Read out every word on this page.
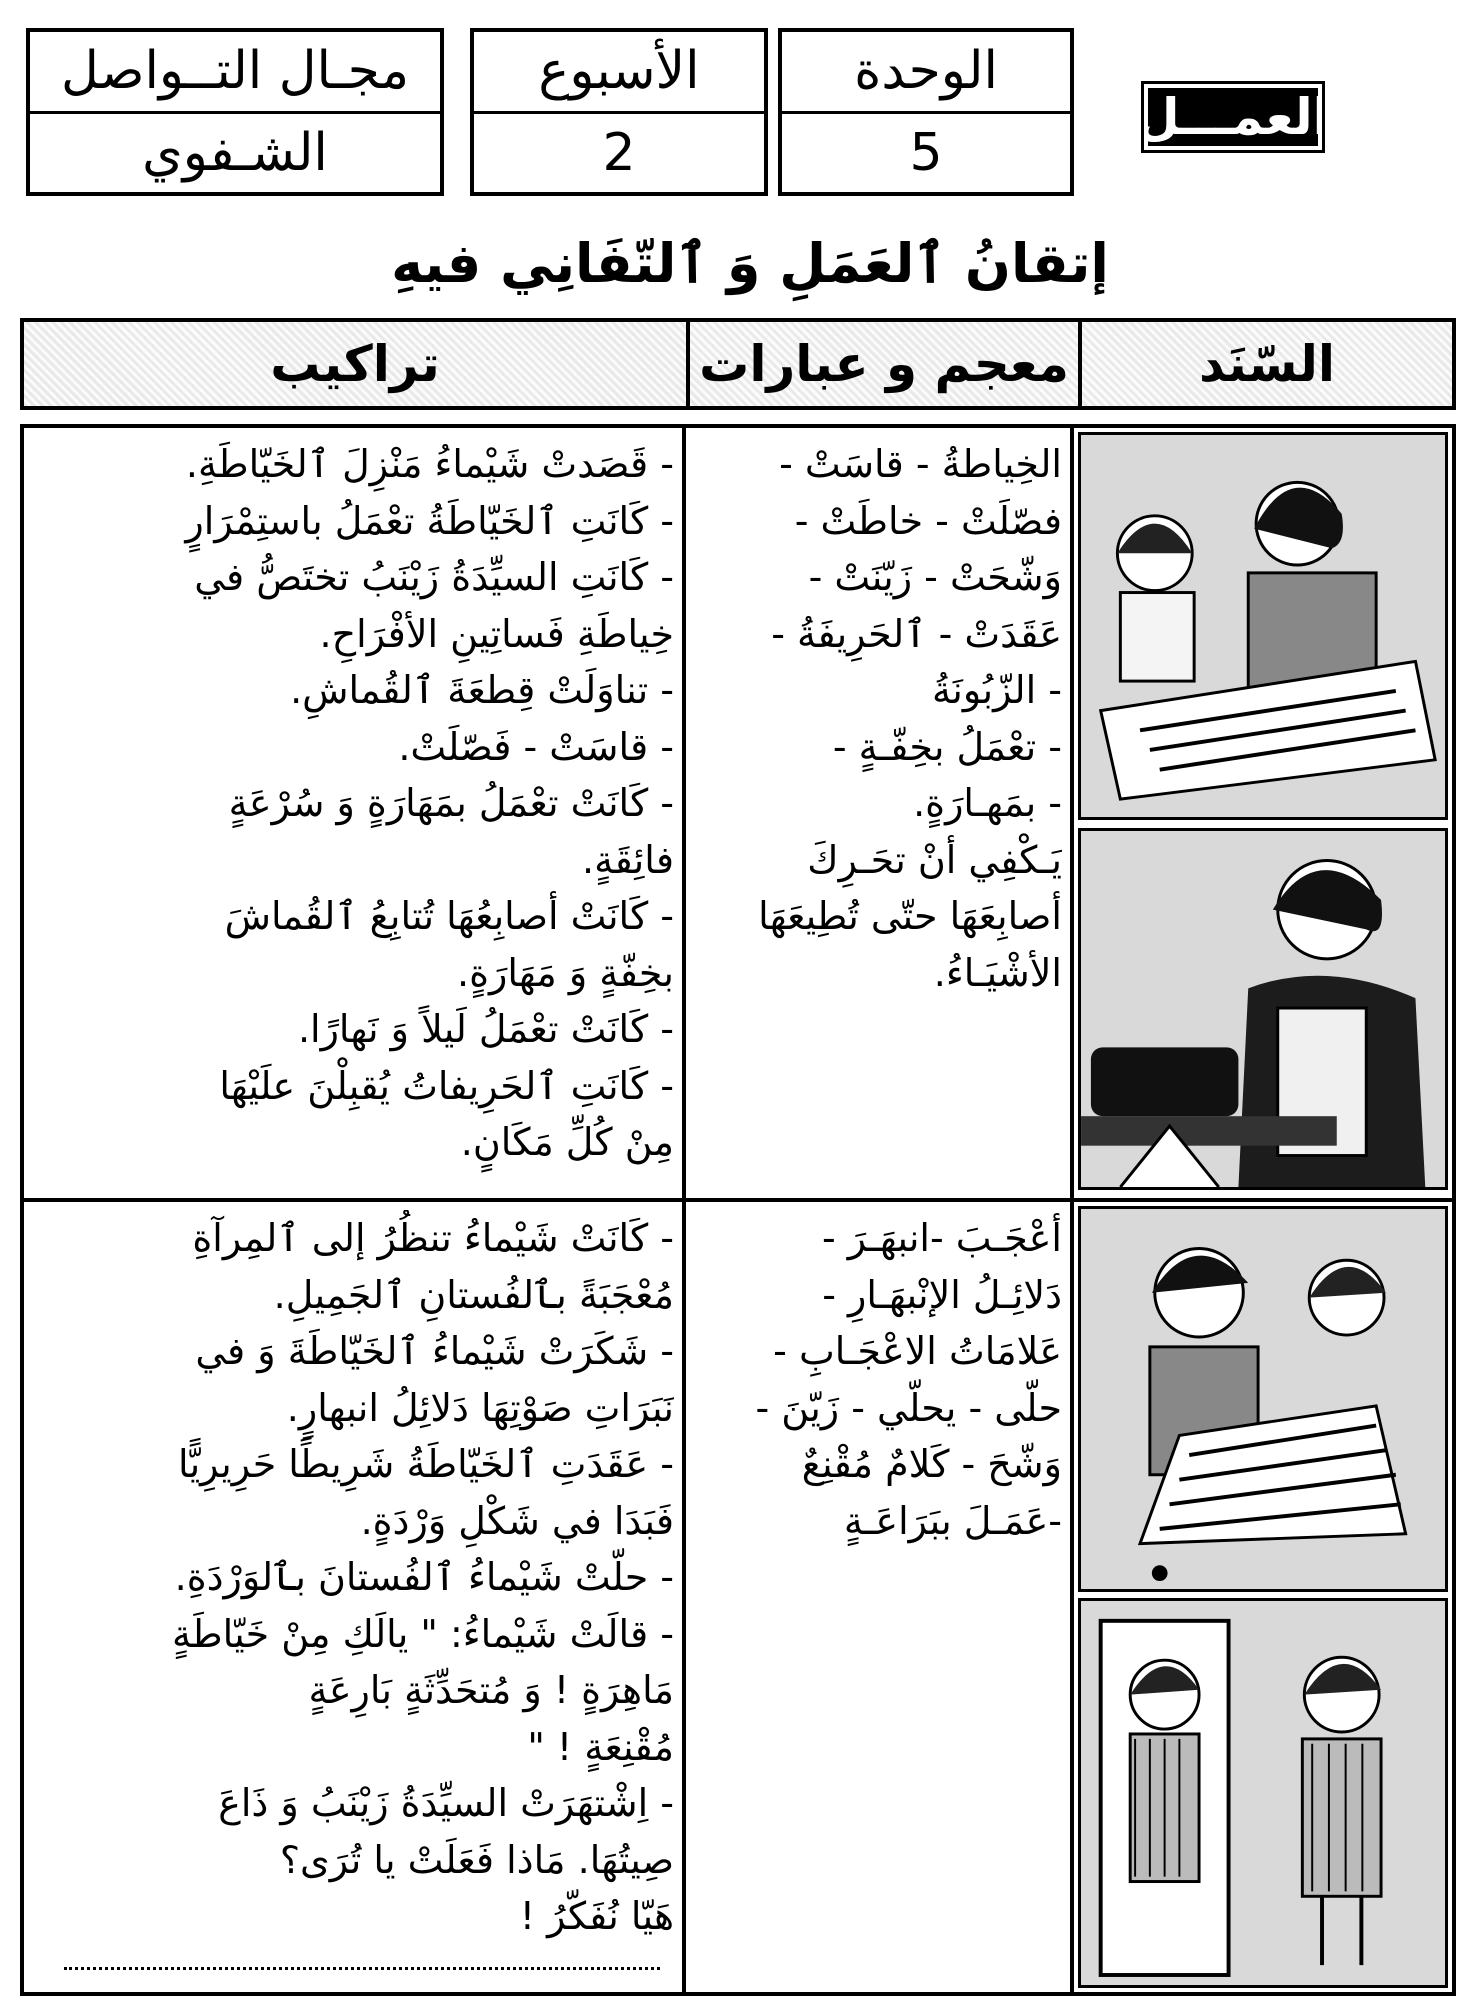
العمـــل
الوحدة
5
الأسبوع
2
مجـال التــواصل
الشـفوي
إتقانُ ٱلعَمَلِ وَ ٱلتّفَانِي فيهِ
السّنَد
معجم و عبارات
تراكيب
الخِياطةُ - قاسَتْ -
فصّلَتْ - خاطَتْ -
وَشّحَتْ - زَيّنَتْ -
عَقَدَتْ - ٱلحَرِيفَةُ -
- الزّبُونَةُ
- تعْمَلُ بخِفّـةٍ -
- بمَهـارَةٍ.
يَـكْفِي أنْ تحَـرِكَ
أصابِعَهَا حتّى تُطِيعَهَا
الأشْيَـاءُ.
- قَصَدتْ شَيْماءُ مَنْزِلَ ٱلخَيّاطَةِ.
- كَانَتِ ٱلخَيّاطَةُ تعْمَلُ باستِمْرَارٍ
- كَانَتِ السيِّدَةُ زَيْنَبُ تختَصُّ في
خِياطَةِ فَساتِينِ الأفْرَاحِ.
- تناوَلَتْ قِطعَةَ ٱلقُماشِ.
- قاسَتْ - فَصّلَتْ.
- كَانَتْ تعْمَلُ بمَهَارَةٍ وَ سُرْعَةٍ
فائِقَةٍ.
- كَانَتْ أصابِعُهَا تُتابِعُ ٱلقُماشَ
بخِفّةٍ وَ مَهَارَةٍ.
- كَانَتْ تعْمَلُ لَيلاً وَ نَهارًا.
- كَانَتِ ٱلحَرِيفاتُ يُقبِلْنَ علَيْهَا
مِنْ كُلِّ مَكَانٍ.
أعْجَـبَ -انبهَـرَ -
دَلائِـلُ الإنْبهَـارِ -
عَلامَاتُ الاعْجَـابِ -
حلّى - يحلّي - زَيّنَ -
وَشّحَ - كَلامٌ مُقْنِعٌ
-عَمَـلَ ببَرَاعَـةٍ
- كَانَتْ شَيْماءُ تنظُرُ إلى ٱلمِرآةِ
مُعْجَبَةً بٱلفُستانِ ٱلجَمِيلِ.
- شَكَرَتْ شَيْماءُ ٱلخَيّاطَةَ وَ في
نَبَرَاتِ صَوْتِهَا دَلائِلُ انبهارٍ.
- عَقَدَتِ ٱلخَيّاطَةُ شَرِيطًا حَرِيرِيًّا
فَبَدَا في شَكْلِ وَرْدَةٍ.
- حلّتْ شَيْماءُ ٱلفُستانَ بٱلوَرْدَةِ.
- قالَتْ شَيْماءُ: " يالَكِ مِنْ خَيّاطَةٍ
مَاهِرَةٍ ! وَ مُتحَدِّثَةٍ بَارِعَةٍ
مُقْنِعَةٍ ! "
- اِشْتهَرَتْ السيِّدَةُ زَيْنَبُ وَ ذَاعَ
صِيتُهَا. مَاذا فَعَلَتْ يا تُرَى؟
هَيّا نُفَكّرُ !
